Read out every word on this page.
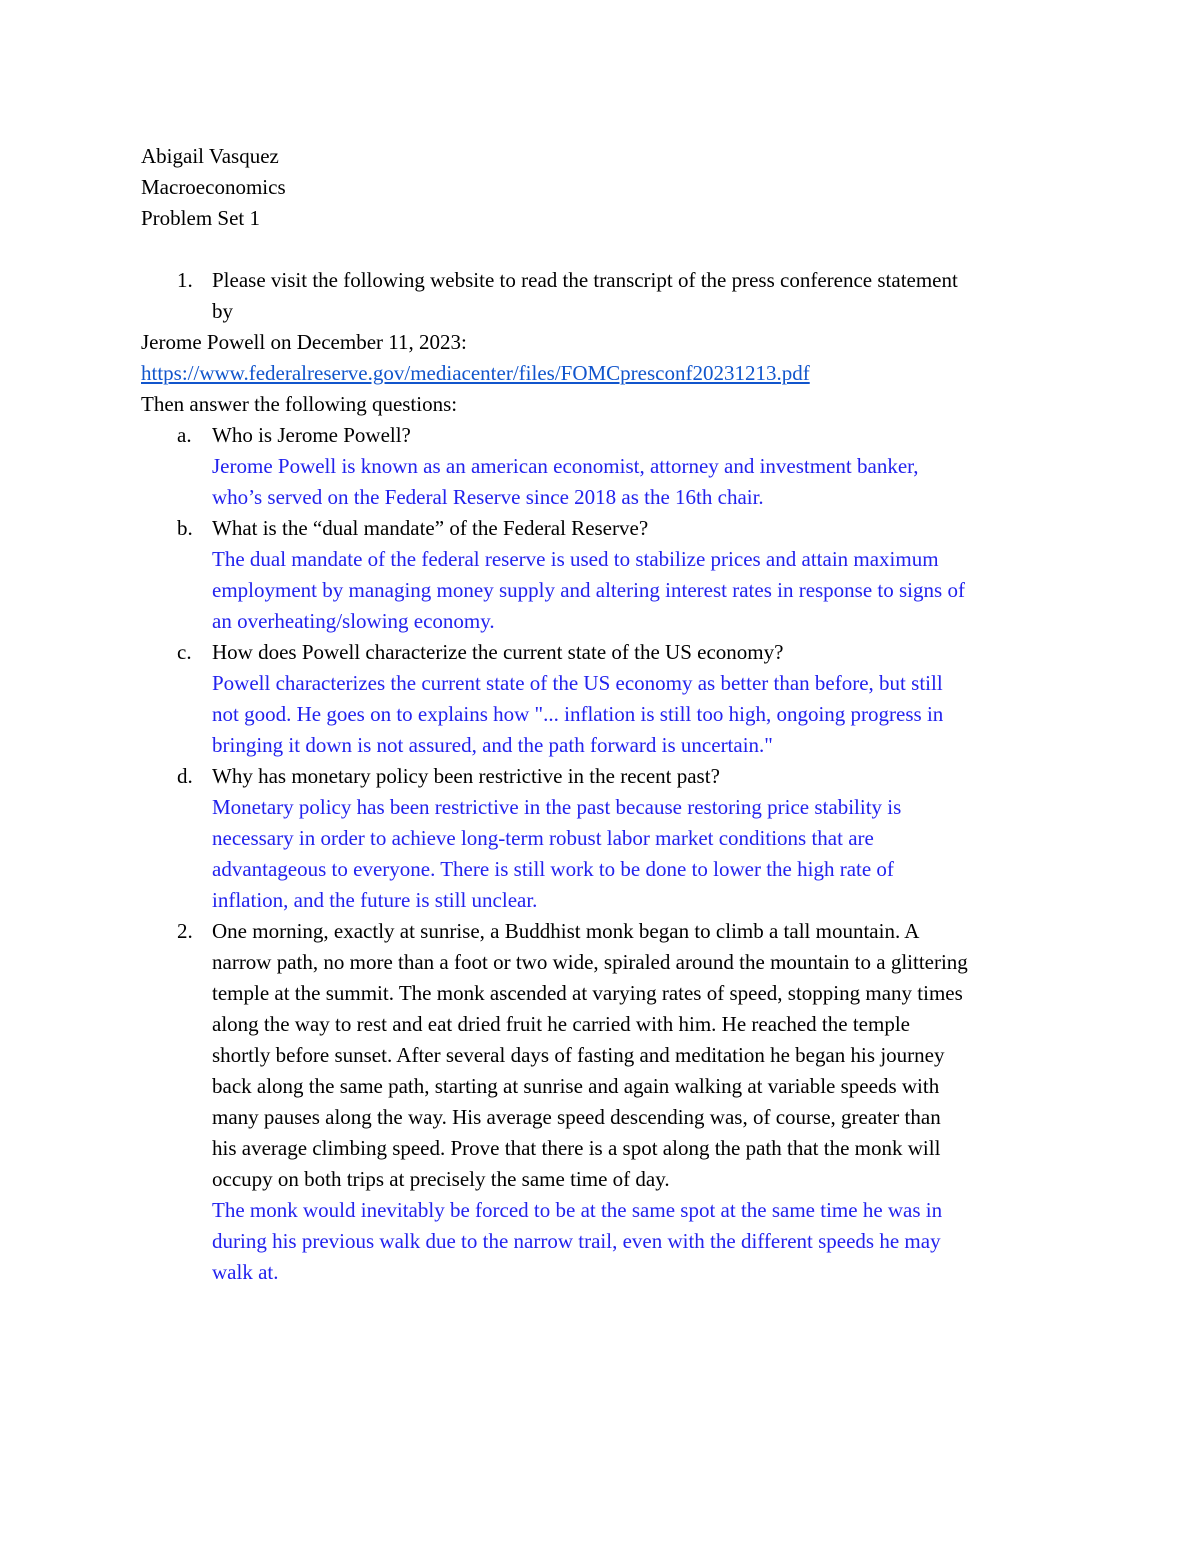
Abigail Vasquez
Macroeconomics
Problem Set 1
1. Please visit the following website to read the transcript of the press conference statement
by
Jerome Powell on December 11, 2023:
https://www.federalreserve.gov/mediacenter/files/FOMCpresconf20231213.pdf
Then answer the following questions:
a. Who is Jerome Powell?
Jerome Powell is known as an american economist, attorney and investment banker,
who’s served on the Federal Reserve since 2018 as the 16th chair.
b. What is the “dual mandate” of the Federal Reserve?
The dual mandate of the federal reserve is used to stabilize prices and attain maximum
employment by managing money supply and altering interest rates in response to signs of
an overheating/slowing economy.
c. How does Powell characterize the current state of the US economy?
Powell characterizes the current state of the US economy as better than before, but still
not good. He goes on to explains how "... inflation is still too high, ongoing progress in
bringing it down is not assured, and the path forward is uncertain."
d. Why has monetary policy been restrictive in the recent past?
Monetary policy has been restrictive in the past because restoring price stability is
necessary in order to achieve long-term robust labor market conditions that are
advantageous to everyone. There is still work to be done to lower the high rate of
inflation, and the future is still unclear.
2. One morning, exactly at sunrise, a Buddhist monk began to climb a tall mountain. A
narrow path, no more than a foot or two wide, spiraled around the mountain to a glittering
temple at the summit. The monk ascended at varying rates of speed, stopping many times
along the way to rest and eat dried fruit he carried with him. He reached the temple
shortly before sunset. After several days of fasting and meditation he began his journey
back along the same path, starting at sunrise and again walking at variable speeds with
many pauses along the way. His average speed descending was, of course, greater than
his average climbing speed. Prove that there is a spot along the path that the monk will
occupy on both trips at precisely the same time of day.
The monk would inevitably be forced to be at the same spot at the same time he was in
during his previous walk due to the narrow trail, even with the different speeds he may
walk at.
